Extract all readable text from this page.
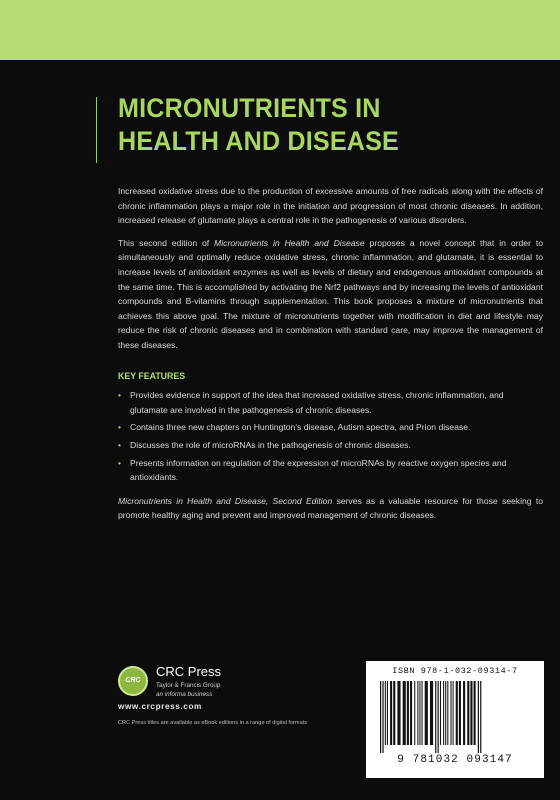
MICRONUTRIENTS IN
HEALTH AND DISEASE

Increased oxidative stress due to the production of excessive amounts of free radicals along with the effects of chronic inflammation plays a major role in the initiation and progression of most chronic diseases. In addition, increased release of glutamate plays a central role in the pathogenesis of various disorders.

This second edition of Micronutrients in Health and Disease proposes a novel concept that in order to simultaneously and optimally reduce oxidative stress, chronic inflammation, and glutamate, it is essential to increase levels of antioxidant enzymes as well as levels of dietary and endogenous antioxidant compounds at the same time. This is accomplished by activating the Nrf2 pathways and by increasing the levels of antioxidant compounds and B-vitamins through supplementation. This book proposes a mixture of micronutrients that achieves this above goal. The mixture of micronutrients together with modification in diet and lifestyle may reduce the risk of chronic diseases and in combination with standard care, may improve the management of these diseases.

KEY FEATURES
• Provides evidence in support of the idea that increased oxidative stress, chronic inflammation, and glutamate are involved in the pathogenesis of chronic diseases.
• Contains three new chapters on Huntington’s disease, Autism spectra, and Prion disease.
• Discusses the role of microRNAs in the pathogenesis of chronic diseases.
• Presents information on regulation of the expression of microRNAs by reactive oxygen species and antioxidants.

Micronutrients in Health and Disease, Second Edition serves as a valuable resource for those seeking to promote healthy aging and prevent and improved management of chronic diseases.

CRC
CRC Press
Taylor & Francis Group
an informa business
www.crcpress.com
CRC Press titles are available as eBook editions in a range of digital formats
ISBN 978-1-032-09314-7
9 781032 093147
